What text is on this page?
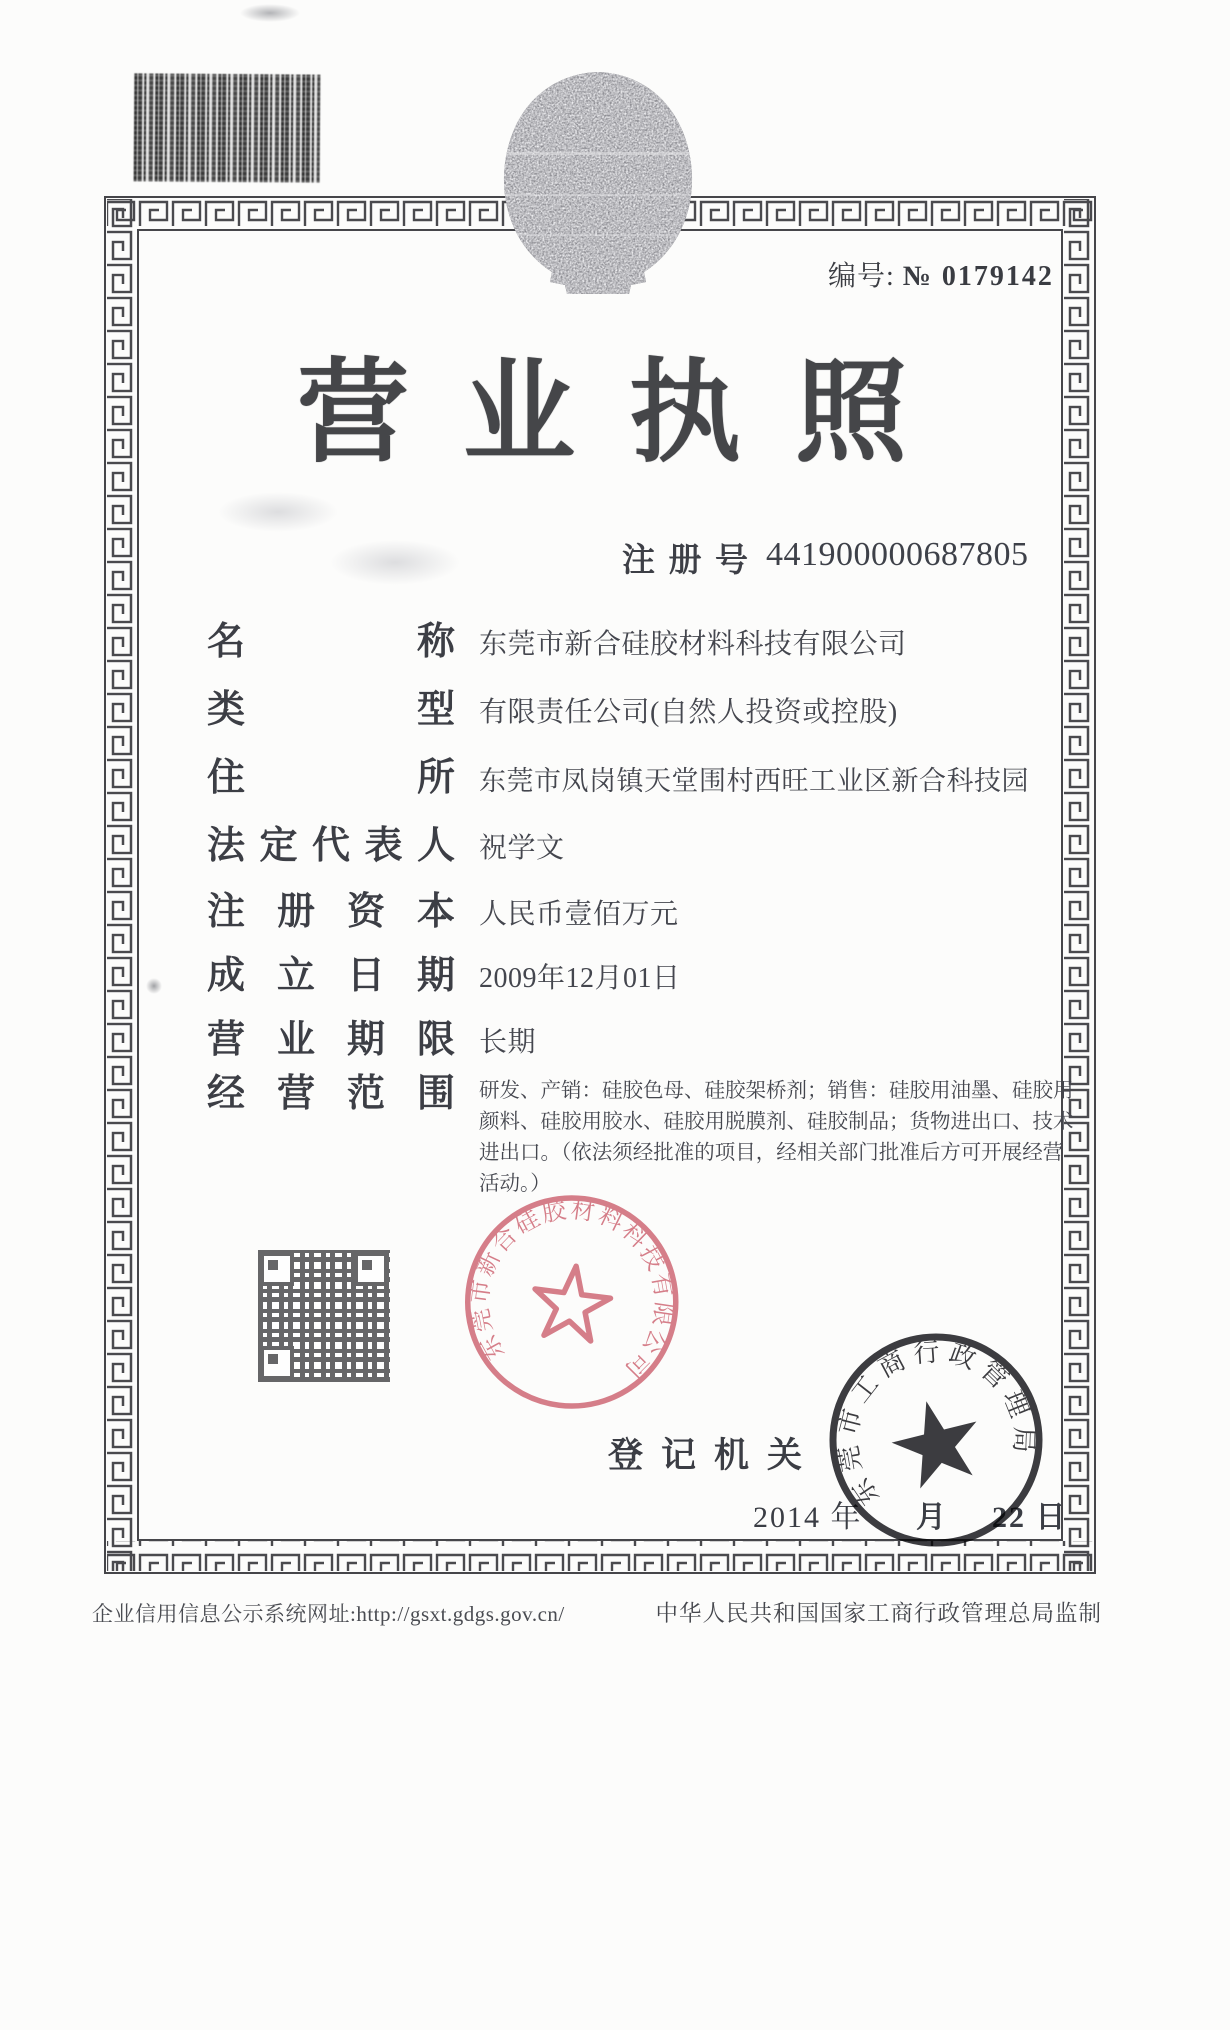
编号: № 0179142
营业执照
注册号 441900000687805
名称 东莞市新合硅胶材料科技有限公司
类型 有限责任公司(自然人投资或控股)
住所 东莞市凤岗镇天堂围村西旺工业区新合科技园
法定代表人 祝学文
注册资本 人民币壹佰万元
成立日期 2009年12月01日
营业期限 长期
经营范围 研发、产销：硅胶色母、硅胶架桥剂；销售：硅胶用油墨、硅胶用颜料、硅胶用胶水、硅胶用脱膜剂、硅胶制品；货物进出口、技术进出口。（依法须经批准的项目，经相关部门批准后方可开展经营活动。）
东莞市新合硅胶材料科技有限公司
登记机关
2014 年 月 22 日
东莞市工商行政管理局
企业信用信息公示系统网址:http://gsxt.gdgs.gov.cn/	中华人民共和国国家工商行政管理总局监制
